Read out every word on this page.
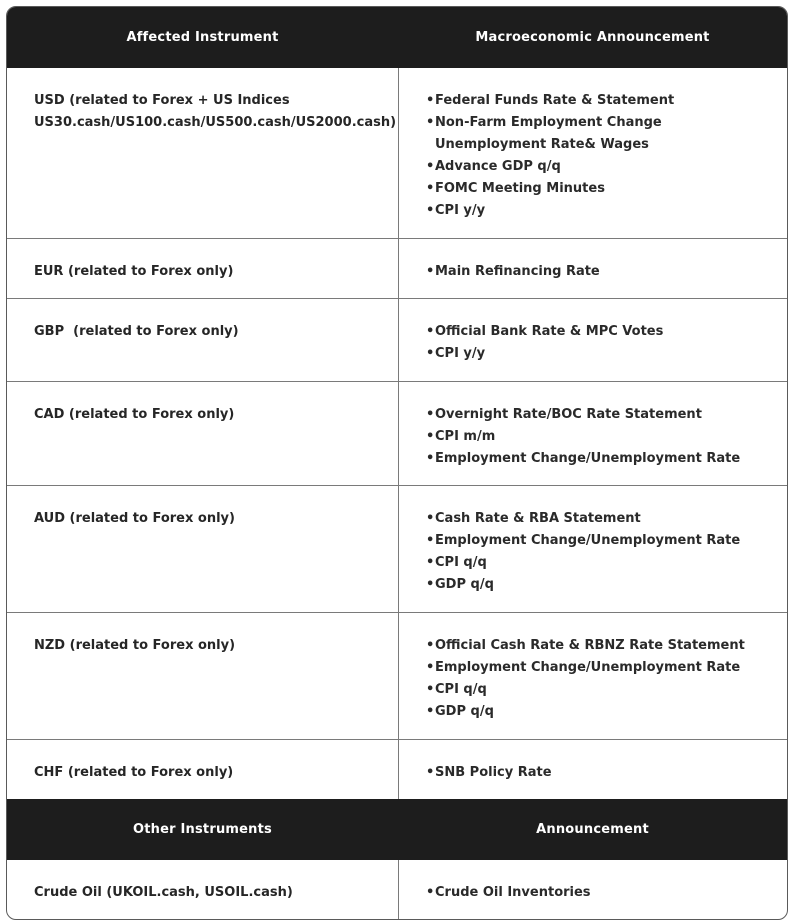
Affected Instrument	Macroeconomic Announcement
USD (related to Forex + US Indices
US30.cash/US100.cash/US500.cash/US2000.cash)
•Federal Funds Rate & Statement
•Non-Farm Employment Change
Unemployment Rate& Wages
•Advance GDP q/q
•FOMC Meeting Minutes
•CPI y/y
EUR (related to Forex only)	•Main Refinancing Rate
GBP  (related to Forex only)	•Official Bank Rate & MPC Votes
•CPI y/y
CAD (related to Forex only)	•Overnight Rate/BOC Rate Statement
•CPI m/m
•Employment Change/Unemployment Rate
AUD (related to Forex only)	•Cash Rate & RBA Statement
•Employment Change/Unemployment Rate
•CPI q/q
•GDP q/q
NZD (related to Forex only)	•Official Cash Rate & RBNZ Rate Statement
•Employment Change/Unemployment Rate
•CPI q/q
•GDP q/q
CHF (related to Forex only)	•SNB Policy Rate
Other Instruments	Announcement
Crude Oil (UKOIL.cash, USOIL.cash)	•Crude Oil Inventories
